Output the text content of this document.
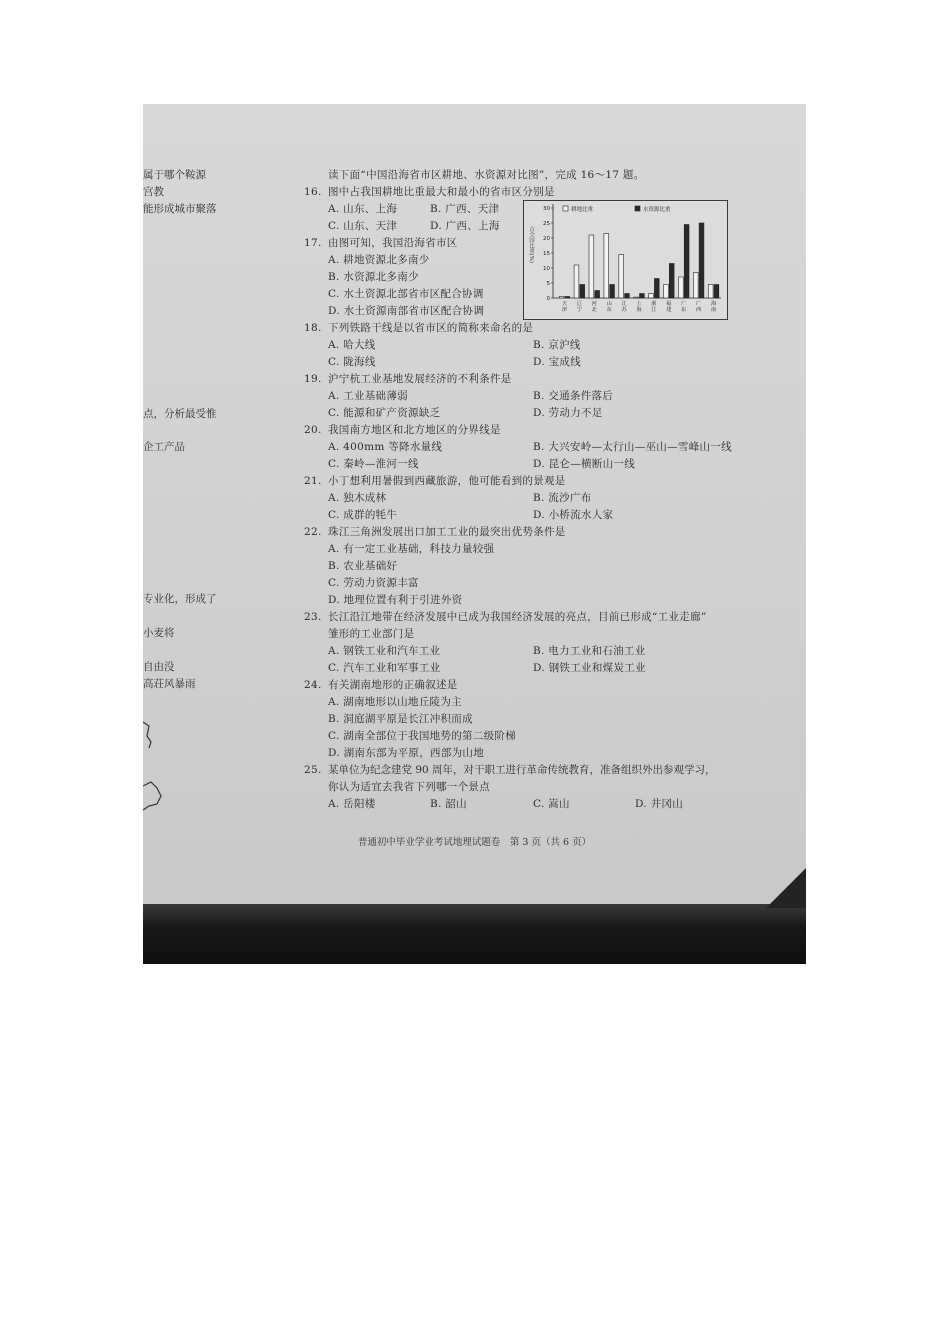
属于哪个鞍源
宫教
能形成城市聚落
点，分析最受惟
企工产品
专业化，形成了
小麦将
自由没
高荘风暴雨
读下面“中国沿海省市区耕地、水资源对比图”，完成 16～17 题。
16. 图中占我国耕地比重最大和最小的省市区分别是
A. 山东、上海	B. 广西、天津
C. 山东、天津	D. 广西、上海
17. 由图可知，我国沿海省市区
A. 耕地资源北多南少
B. 水资源北多南少
C. 水土资源北部省市区配合协调
D. 水土资源南部省市区配合协调
占全国比重(%)
0
5
10
15
20
25
30	耕地比重	水资源比重
天
津
辽
宁
河
北
山
东
江
苏
上
海
浙
江
福
建
广
东
广
西
海
南
18. 下列铁路干线是以省市区的简称来命名的是
A. 哈大线	B. 京沪线
C. 陇海线	D. 宝成线
19. 沪宁杭工业基地发展经济的不利条件是
A. 工业基础薄弱	B. 交通条件落后
C. 能源和矿产资源缺乏	D. 劳动力不足
20. 我国南方地区和北方地区的分界线是
A. 400mm 等降水量线	B. 大兴安岭—太行山—巫山—雪峰山一线
C. 秦岭—淮河一线	D. 昆仑—横断山一线
21. 小丁想利用暑假到西藏旅游，他可能看到的景观是
A. 独木成林	B. 流沙广布
C. 成群的牦牛	D. 小桥流水人家
22. 珠江三角洲发展出口加工工业的最突出优势条件是
A. 有一定工业基础，科技力量较强
B. 农业基础好
C. 劳动力资源丰富
D. 地理位置有利于引进外资
23. 长江沿江地带在经济发展中已成为我国经济发展的亮点，目前已形成“工业走廊”
雏形的工业部门是
A. 钢铁工业和汽车工业	B. 电力工业和石油工业
C. 汽车工业和军事工业	D. 钢铁工业和煤炭工业
24. 有关湖南地形的正确叙述是
A. 湖南地形以山地丘陵为主
B. 洞庭湖平原是长江冲积而成
C. 湖南全部位于我国地势的第二级阶梯
D. 湖南东部为平原，西部为山地
25. 某单位为纪念建党 90 周年，对干职工进行革命传统教育，准备组织外出参观学习，
你认为适宜去我省下列哪一个景点
A. 岳阳楼	B. 韶山	C. 嵩山	D. 井冈山
普通初中毕业学业考试地理试题卷　第 3 页（共 6 页）
